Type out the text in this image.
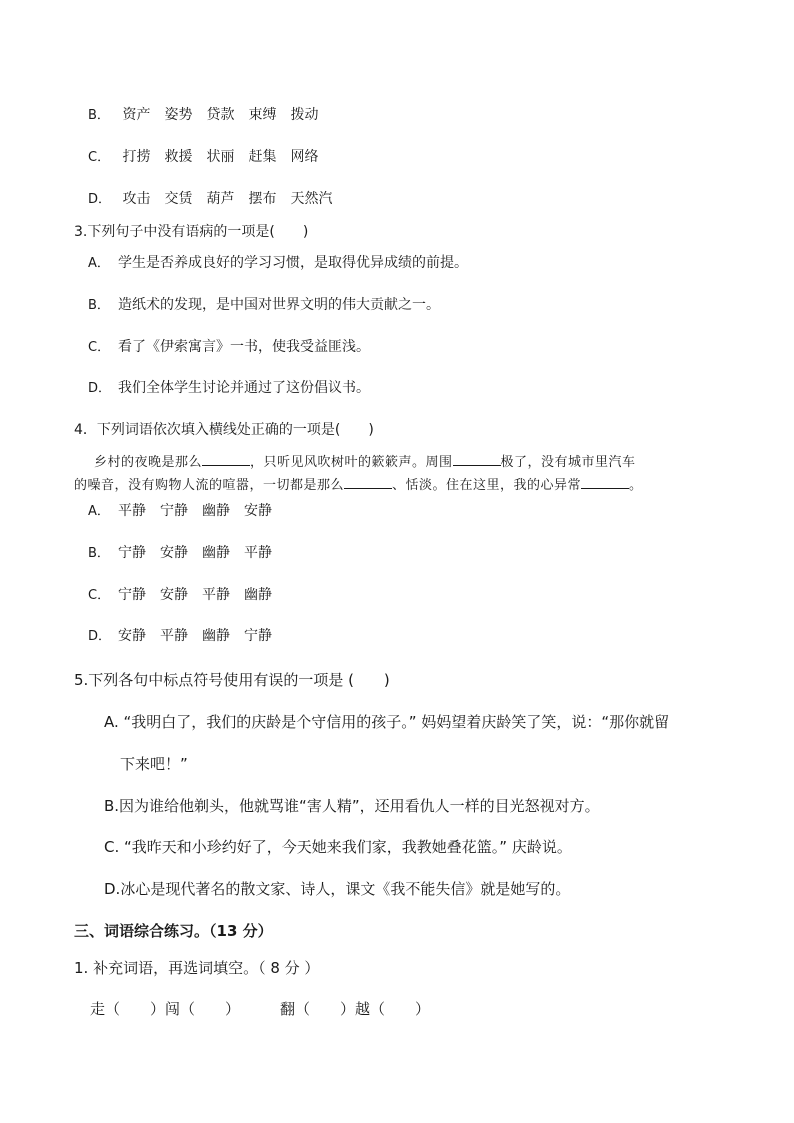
B． 资产 姿势 贷款 束缚 拨动
C． 打捞 救援 状丽 赶集 网络
D． 攻击 交赁 葫芦 摆布 天然汽
3.下列句子中没有语病的一项是(　　)
A． 学生是否养成良好的学习习惯，是取得优异成绩的前提。
B． 造纸术的发现，是中国对世界文明的伟大贡献之一。
C． 看了《伊索寓言》一书，使我受益匪浅。
D． 我们全体学生讨论并通过了这份倡议书。
4．下列词语依次填入横线处正确的一项是(　　)
乡村的夜晚是那么	，只听见风吹树叶的簌簌声。周围	极了，没有城市里汽车
的噪音，没有购物人流的喧嚣，一切都是那么	、恬淡。住在这里，我的心异常	。
A． 平静 宁静 幽静 安静
B． 宁静 安静 幽静 平静
C． 宁静 安静 平静 幽静
D． 安静 平静 幽静 宁静
5.下列各句中标点符号使用有误的一项是 (　　)
A. “我明白了，我们的庆龄是个守信用的孩子。” 妈妈望着庆龄笑了笑，说：“那你就留
下来吧！”
B.因为谁给他剃头，他就骂谁“害人精”，还用看仇人一样的目光怒视对方。
C. “我昨天和小珍约好了，今天她来我们家，我教她叠花篮。” 庆龄说。
D.冰心是现代著名的散文家、诗人，课文《我不能失信》就是她写的。
三、词语综合练习。（13 分）
1. 补充词语，再选词填空。（ 8 分 ）
走（　　）闯（　　）	翻（　　）越（　　）
